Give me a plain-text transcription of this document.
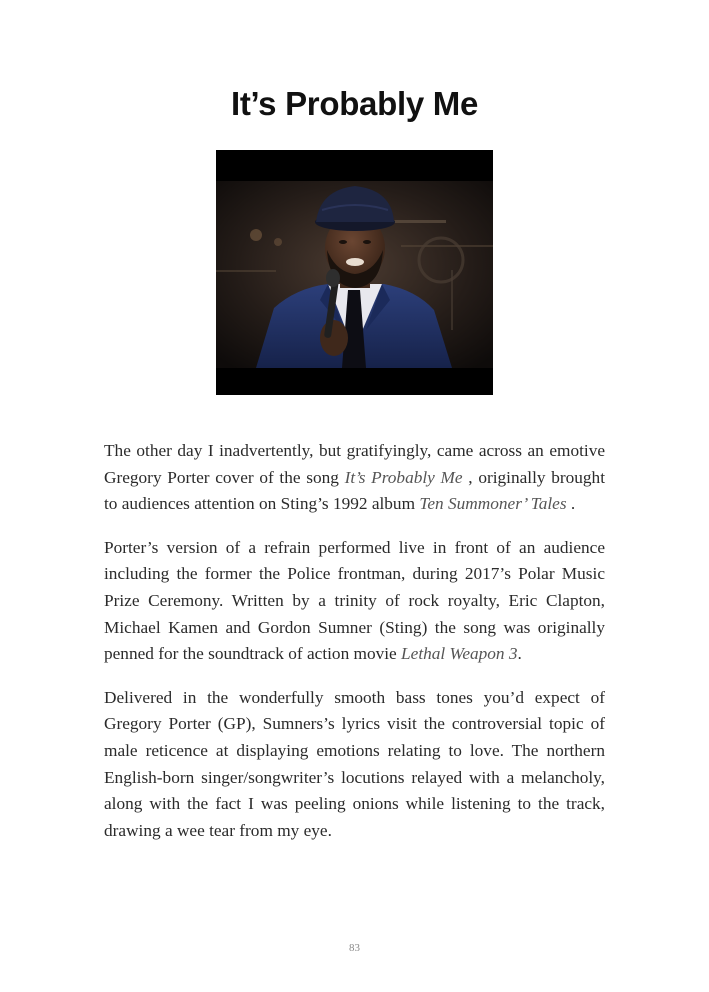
It’s Probably Me

The other day I inadvertently, but gratifyingly, came across an emotive Gregory Porter cover of the song It’s Probably Me , originally brought to audiences attention on Sting’s 1992 album Ten Summoner’ Tales .

Porter’s version of a refrain performed live in front of an audience including the former the Police frontman, during 2017’s Polar Music Prize Ceremony. Written by a trinity of rock royalty, Eric Clapton, Michael Kamen and Gordon Sumner (Sting) the song was originally penned for the soundtrack of action movie Lethal Weapon 3.

Delivered in the wonderfully smooth bass tones you’d expect of Gregory Porter (GP), Sumners’s lyrics visit the controversial topic of male reticence at displaying emotions relating to love. The northern English-born singer/songwriter’s locutions relayed with a melancholy, along with the fact I was peeling onions while listening to the track, drawing a wee tear from my eye.

83
